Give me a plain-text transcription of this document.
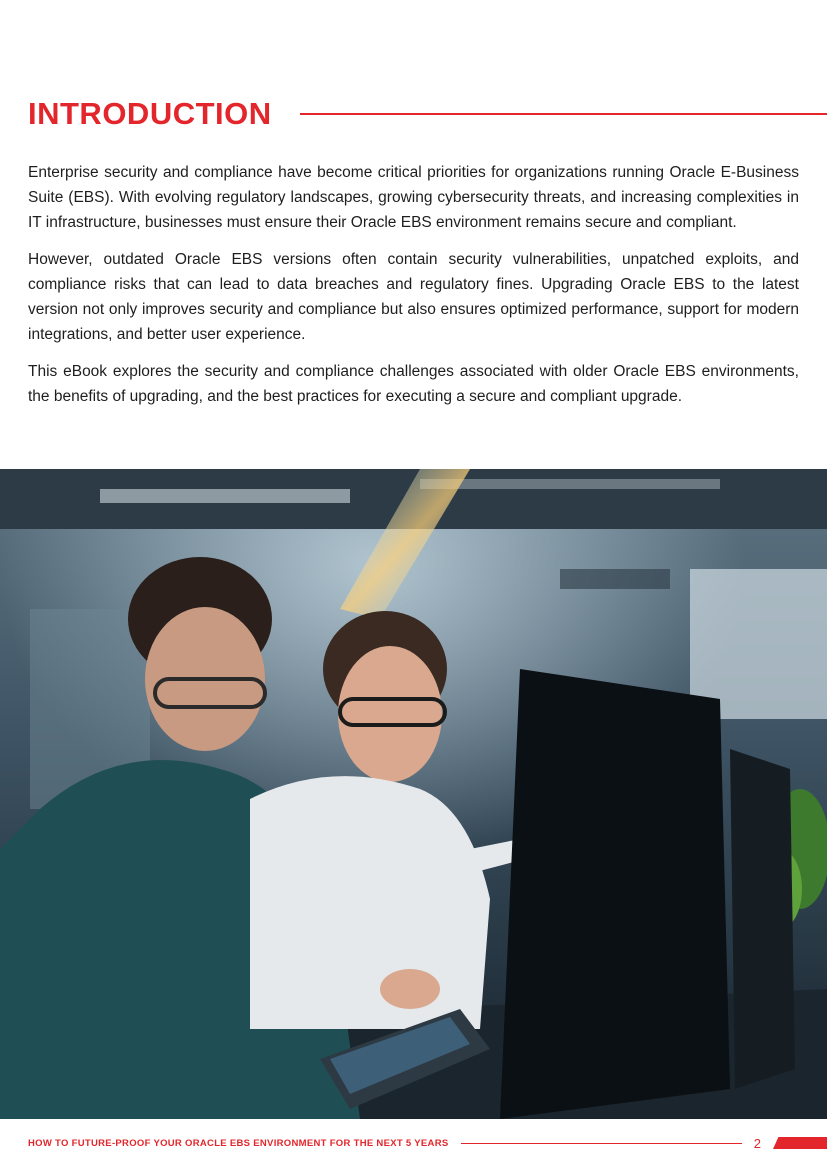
INTRODUCTION

Enterprise security and compliance have become critical priorities for organizations running Oracle E-Business Suite (EBS). With evolving regulatory landscapes, growing cybersecurity threats, and increasing complexities in IT infrastructure, businesses must ensure their Oracle EBS environment remains secure and compliant.

However, outdated Oracle EBS versions often contain security vulnerabilities, unpatched exploits, and compliance risks that can lead to data breaches and regulatory fines. Upgrading Oracle EBS to the latest version not only improves security and compliance but also ensures optimized performance, support for modern integrations, and better user experience.

This eBook explores the security and compliance challenges associated with older Oracle EBS environments, the benefits of upgrading, and the best practices for executing a secure and compliant upgrade.

HOW TO FUTURE-PROOF YOUR ORACLE EBS ENVIRONMENT FOR THE NEXT 5 YEARS	2
